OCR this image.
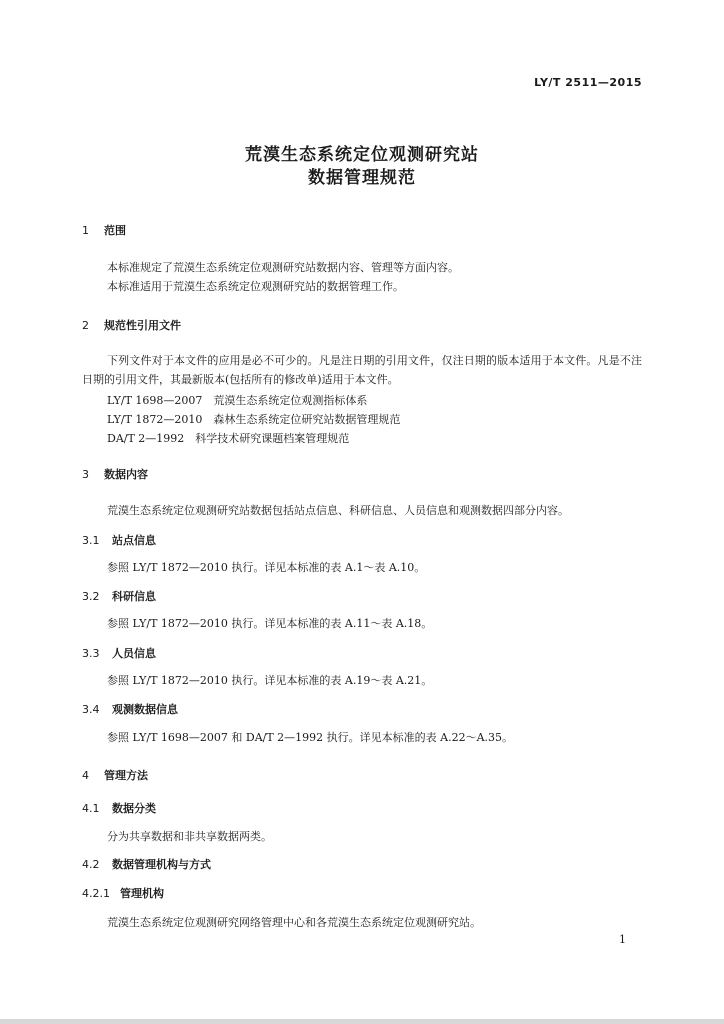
LY/T 2511—2015
荒漠生态系统定位观测研究站
数据管理规范
1 范围
本标准规定了荒漠生态系统定位观测研究站数据内容、管理等方面内容。
本标准适用于荒漠生态系统定位观测研究站的数据管理工作。
2 规范性引用文件
下列文件对于本文件的应用是必不可少的。凡是注日期的引用文件，仅注日期的版本适用于本文件。凡是不注日期的引用文件，其最新版本(包括所有的修改单)适用于本文件。
LY/T 1698—2007　荒漠生态系统定位观测指标体系
LY/T 1872—2010　森林生态系统定位研究站数据管理规范
DA/T 2—1992　科学技术研究课题档案管理规范
3 数据内容
荒漠生态系统定位观测研究站数据包括站点信息、科研信息、人员信息和观测数据四部分内容。
3.1 站点信息
参照 LY/T 1872—2010 执行。详见本标准的表 A.1～表 A.10。
3.2 科研信息
参照 LY/T 1872—2010 执行。详见本标准的表 A.11～表 A.18。
3.3 人员信息
参照 LY/T 1872—2010 执行。详见本标准的表 A.19～表 A.21。
3.4 观测数据信息
参照 LY/T 1698—2007 和 DA/T 2—1992 执行。详见本标准的表 A.22～A.35。
4 管理方法
4.1 数据分类
分为共享数据和非共享数据两类。
4.2 数据管理机构与方式
4.2.1 管理机构
荒漠生态系统定位观测研究网络管理中心和各荒漠生态系统定位观测研究站。
1
